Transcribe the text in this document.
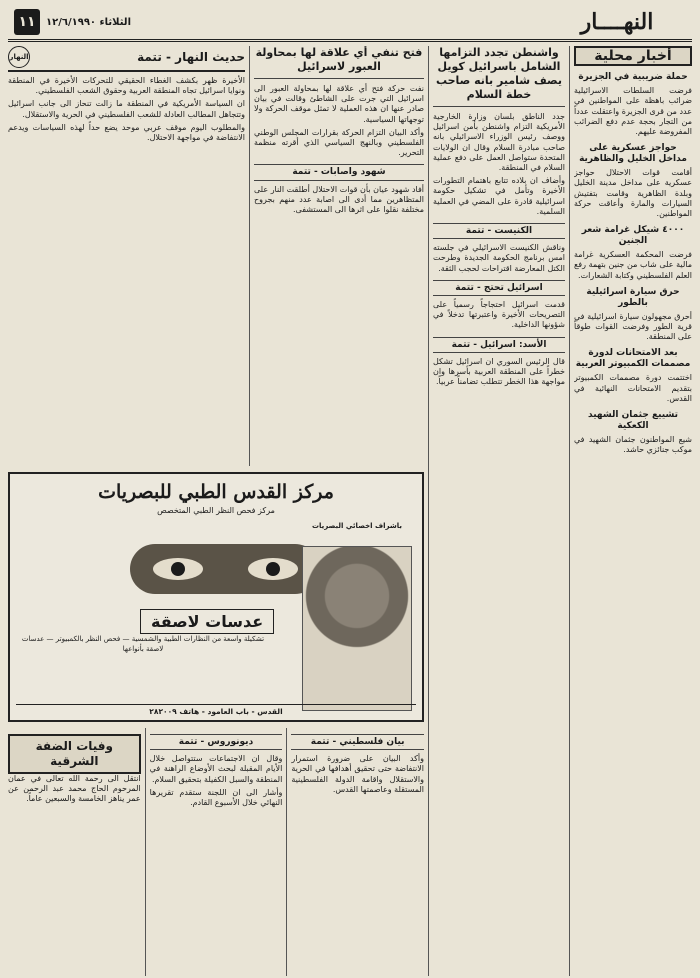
النهــــار
الثلاثاء ١٢/٦/١٩٩٠
١١
أخبار محلية
حملة ضريبية في الجزيرة

فرضت السلطات الاسرائيلية ضرائب باهظة على المواطنين في عدد من قرى الجزيرة واعتقلت عدداً من التجار بحجة عدم دفع الضرائب المفروضة عليهم.

حواجز عسكرية على مداخل الخليل والظاهرية

أقامت قوات الاحتلال حواجز عسكرية على مداخل مدينة الخليل وبلدة الظاهرية وقامت بتفتيش السيارات والمارة وأعاقت حركة المواطنين.

٤٠٠٠ شيكل غرامة شعر الجنين

فرضت المحكمة العسكرية غرامة مالية على شاب من جنين بتهمة رفع العلم الفلسطيني وكتابة الشعارات.

حرق سيارة اسرائيلية بالطور

أحرق مجهولون سيارة اسرائيلية في قرية الطور وفرضت القوات طوقاً على المنطقة.

بعد الامتحانات لدورة مصممات الكمبيوتر العربية

اختتمت دورة مصممات الكمبيوتر بتقديم الامتحانات النهائية في القدس.

تشييع جثمان الشهيد الكعكية

شيع المواطنون جثمان الشهيد في موكب جنائزي حاشد.

واشنطن تجدد التزامها الشامل باسرائيل كويل يصف شامير بانه صاحب خطة السلام

جدد الناطق بلسان وزارة الخارجية الأمريكية التزام واشنطن بأمن اسرائيل ووصف رئيس الوزراء الاسرائيلي بانه صاحب مبادرة السلام وقال ان الولايات المتحدة ستواصل العمل على دفع عملية السلام في المنطقة.

وأضاف ان بلاده تتابع باهتمام التطورات الأخيرة وتأمل في تشكيل حكومة اسرائيلية قادرة على المضي في العملية السلمية.

الكنيست - تتمة

وناقش الكنيست الاسرائيلي في جلسته امس برنامج الحكومة الجديدة وطرحت الكتل المعارضة اقتراحات لحجب الثقة.

اسرائيل تحتج - تتمة

قدمت اسرائيل احتجاجاً رسمياً على التصريحات الأخيرة واعتبرتها تدخلاً في شؤونها الداخلية.

الأسد: اسرائيل - تتمة

قال الرئيس السوري ان اسرائيل تشكل خطراً على المنطقة العربية بأسرها وان مواجهة هذا الخطر تتطلب تضامناً عربياً.

فتح تنفي أي علاقة لها بمحاولة العبور لاسرائيل

نفت حركة فتح أي علاقة لها بمحاولة العبور الى اسرائيل التي جرت على الشاطئ وقالت في بيان صادر عنها ان هذه العملية لا تمثل موقف الحركة ولا توجهاتها السياسية.

وأكد البيان التزام الحركة بقرارات المجلس الوطني الفلسطيني وبالنهج السياسي الذي أقرته منظمة التحرير.

شهود واصابات - تتمة

أفاد شهود عيان بأن قوات الاحتلال أطلقت النار على المتظاهرين مما أدى الى اصابة عدد منهم بجروح مختلفة نقلوا على اثرها الى المستشفى.

حديث النهار - تتمة
النهار

الأخيرة ظهر بكشف الغطاء الحقيقي للتحركات الأخيرة في المنطقة ونوايا اسرائيل تجاه المنطقة العربية وحقوق الشعب الفلسطيني.

ان السياسة الأمريكية في المنطقة ما زالت تنحاز الى جانب اسرائيل وتتجاهل المطالب العادلة للشعب الفلسطيني في الحرية والاستقلال.

والمطلوب اليوم موقف عربي موحد يضع حداً لهذه السياسات ويدعم الانتفاضة في مواجهة الاحتلال.

مركز القدس الطبي للبصريات
مركز فحص النظر الطبي المتخصص
باشراف اخصائي البصريات
عدسات لاصقة
تشكيلة واسعة من النظارات الطبية والشمسية — فحص النظر بالكمبيوتر — عدسات لاصقة بأنواعها
القدس - باب العامود - هاتف ٢٨٢٠٠٩
بيان فلسطيني - تتمة

وأكد البيان على ضرورة استمرار الانتفاضة حتى تحقيق أهدافها في الحرية والاستقلال واقامة الدولة الفلسطينية المستقلة وعاصمتها القدس.

ديونوروس - تتمة

وقال ان الاجتماعات ستتواصل خلال الأيام المقبلة لبحث الأوضاع الراهنة في المنطقة والسبل الكفيلة بتحقيق السلام.

وأشار الى ان اللجنة ستقدم تقريرها النهائي خلال الأسبوع القادم.

وفيات الضفة الشرقية

انتقل الى رحمة الله تعالى في عمان المرحوم الحاج محمد عبد الرحمن عن عمر يناهز الخامسة والسبعين عاماً.
